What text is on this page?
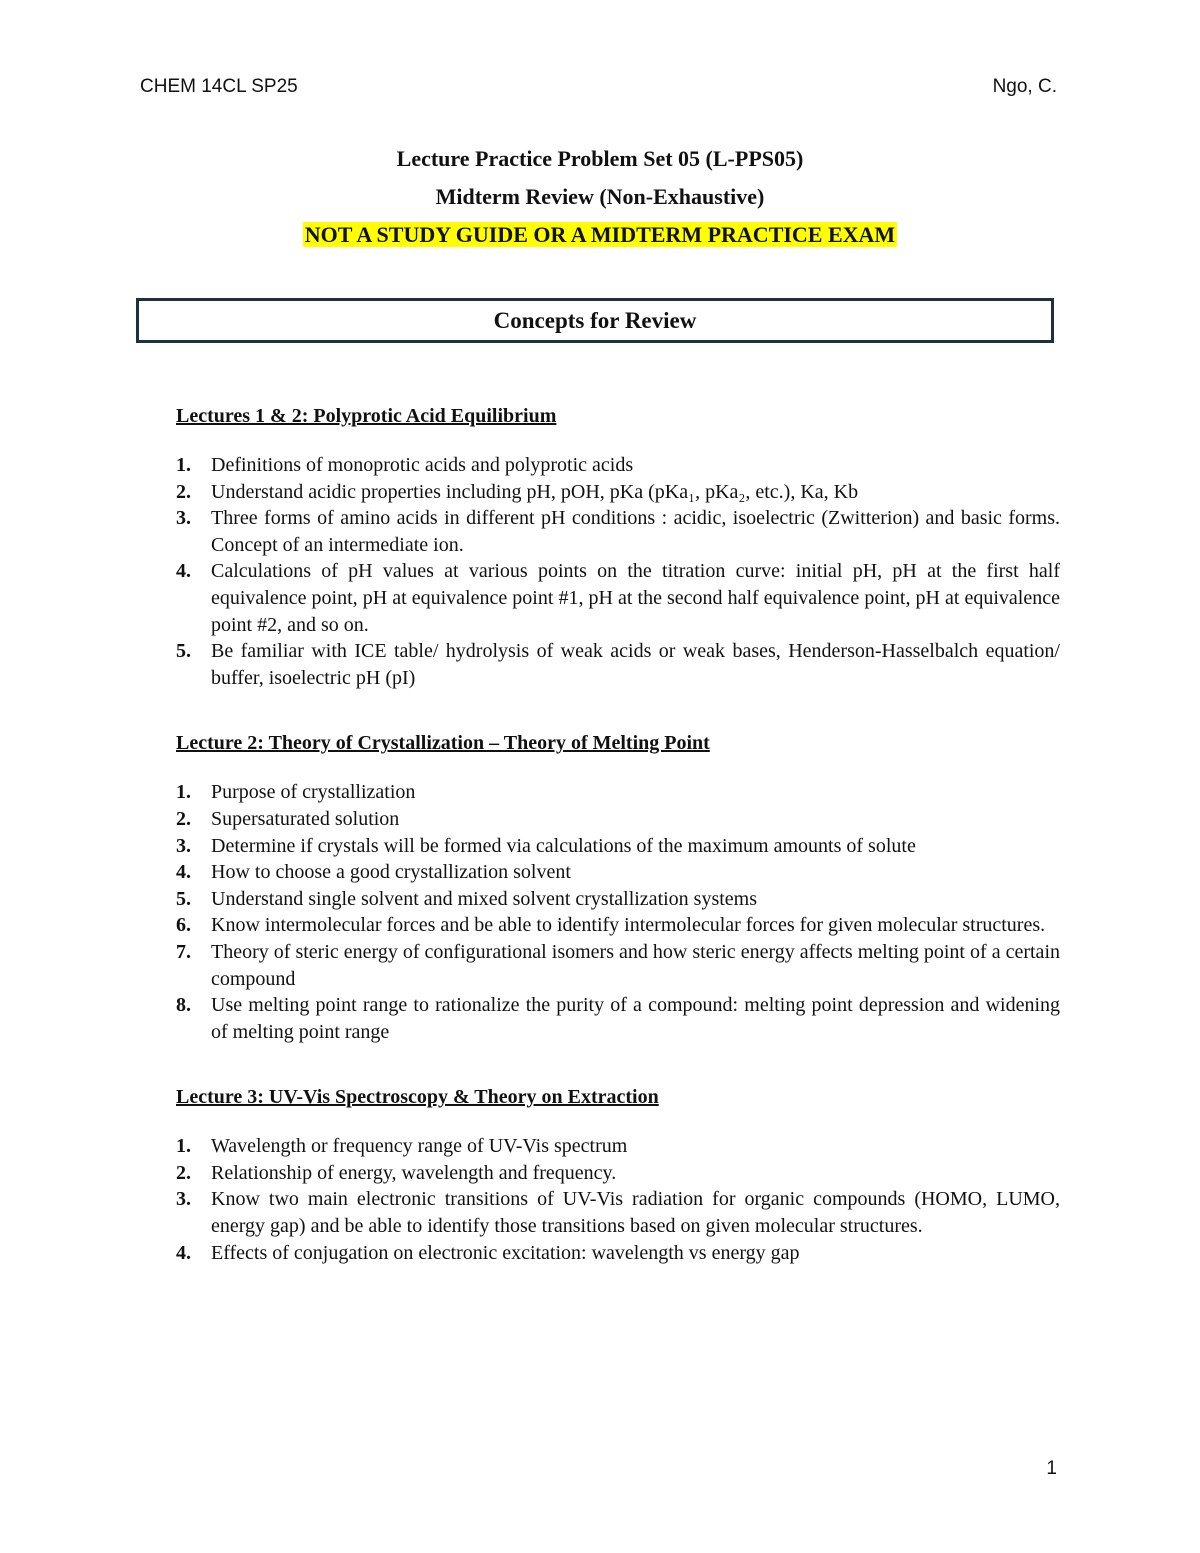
CHEM 14CL SP25	Ngo, C.
Lecture Practice Problem Set 05 (L-PPS05)
Midterm Review (Non-Exhaustive)
NOT A STUDY GUIDE OR A MIDTERM PRACTICE EXAM
Concepts for Review
Lectures 1 & 2: Polyprotic Acid Equilibrium
1. Definitions of monoprotic acids and polyprotic acids
2. Understand acidic properties including pH, pOH, pKa (pKa₁, pKa₂, etc.), Ka, Kb
3. Three forms of amino acids in different pH conditions : acidic, isoelectric (Zwitterion) and basic forms. Concept of an intermediate ion.
4. Calculations of pH values at various points on the titration curve: initial pH, pH at the first half equivalence point, pH at equivalence point #1, pH at the second half equivalence point, pH at equivalence point #2, and so on.
5. Be familiar with ICE table/ hydrolysis of weak acids or weak bases, Henderson-Hasselbalch equation/ buffer, isoelectric pH (pI)
Lecture 2: Theory of Crystallization – Theory of Melting Point
1. Purpose of crystallization
2. Supersaturated solution
3. Determine if crystals will be formed via calculations of the maximum amounts of solute
4. How to choose a good crystallization solvent
5. Understand single solvent and mixed solvent crystallization systems
6. Know intermolecular forces and be able to identify intermolecular forces for given molecular structures.
7. Theory of steric energy of configurational isomers and how steric energy affects melting point of a certain compound
8. Use melting point range to rationalize the purity of a compound: melting point depression and widening of melting point range
Lecture 3: UV-Vis Spectroscopy & Theory on Extraction
1. Wavelength or frequency range of UV-Vis spectrum
2. Relationship of energy, wavelength and frequency.
3. Know two main electronic transitions of UV-Vis radiation for organic compounds (HOMO, LUMO, energy gap) and be able to identify those transitions based on given molecular structures.
4. Effects of conjugation on electronic excitation: wavelength vs energy gap
1
